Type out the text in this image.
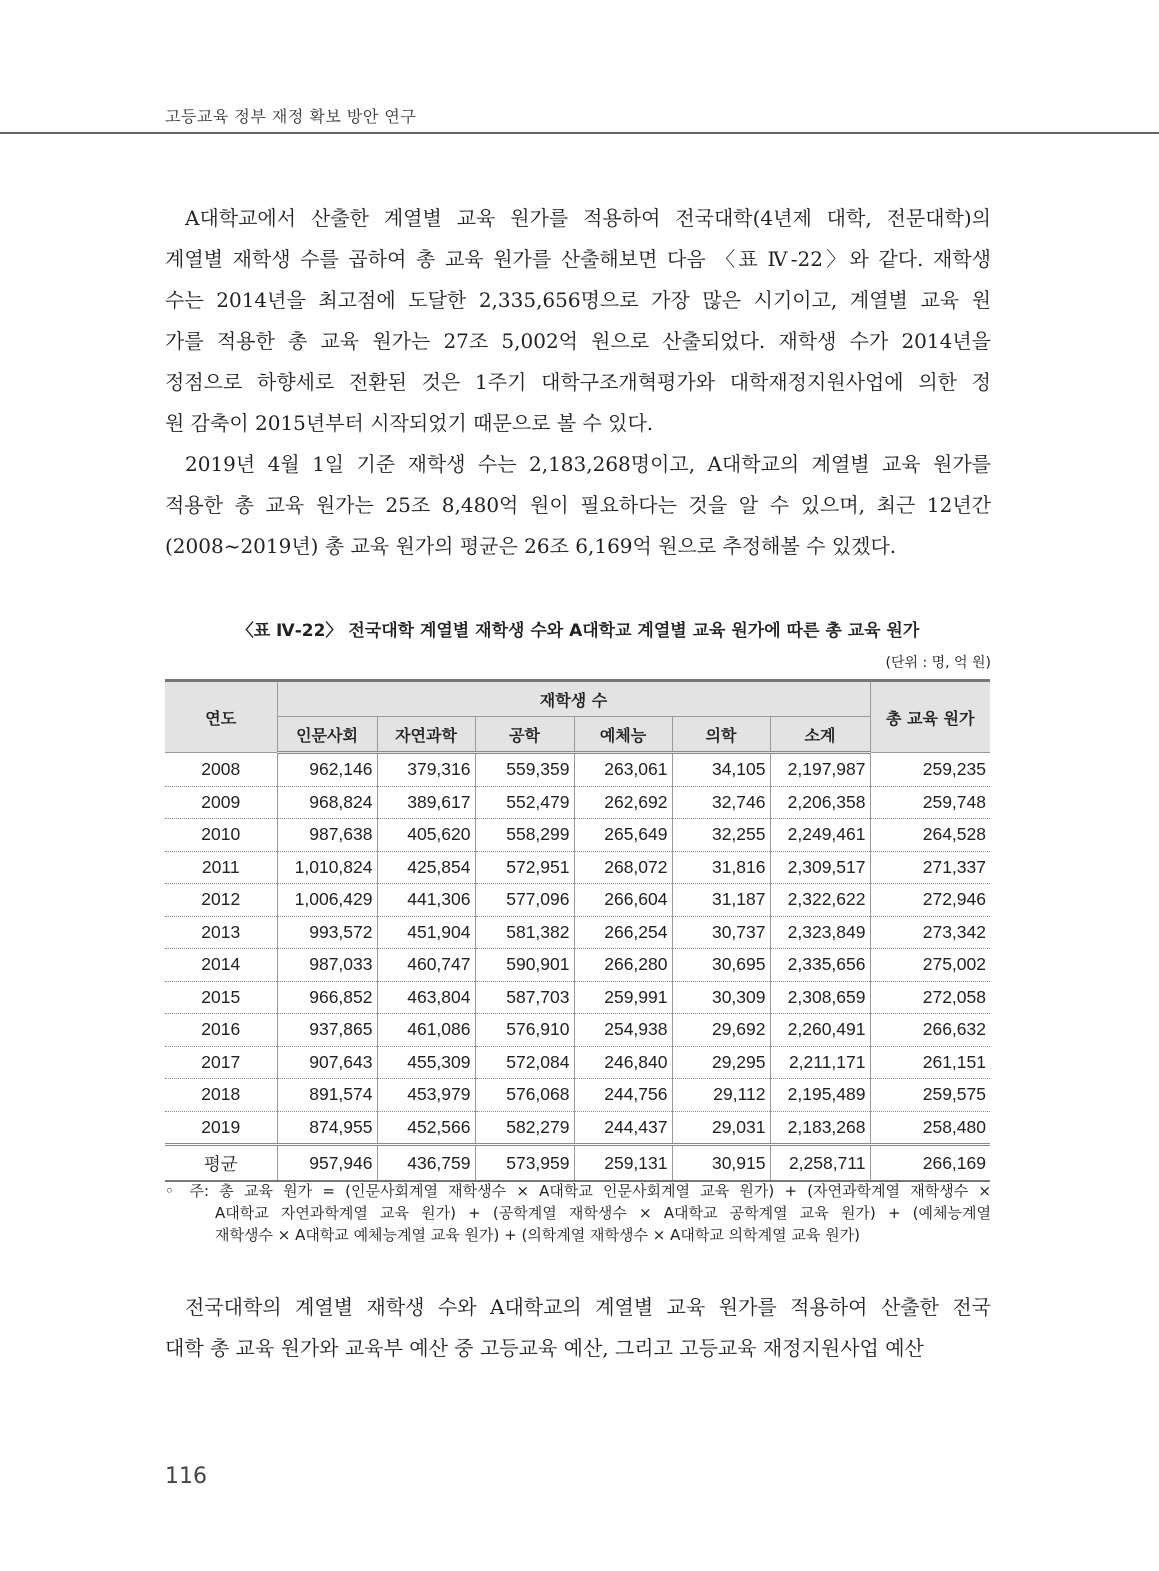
고등교육 정부 재정 확보 방안 연구
A대학교에서 산출한 계열별 교육 원가를 적용하여 전국대학(4년제 대학, 전문대학)의
계열별 재학생 수를 곱하여 총 교육 원가를 산출해보면 다음 〈표 Ⅳ-22〉와 같다. 재학생
수는 2014년을 최고점에 도달한 2,335,656명으로 가장 많은 시기이고, 계열별 교육 원
가를 적용한 총 교육 원가는 27조 5,002억 원으로 산출되었다. 재학생 수가 2014년을
정점으로 하향세로 전환된 것은 1주기 대학구조개혁평가와 대학재정지원사업에 의한 정
원 감축이 2015년부터 시작되었기 때문으로 볼 수 있다.
2019년 4월 1일 기준 재학생 수는 2,183,268명이고, A대학교의 계열별 교육 원가를
적용한 총 교육 원가는 25조 8,480억 원이 필요하다는 것을 알 수 있으며, 최근 12년간
(2008~2019년) 총 교육 원가의 평균은 26조 6,169억 원으로 추정해볼 수 있겠다.
〈표 Ⅳ-22〉 전국대학 계열별 재학생 수와 A대학교 계열별 교육 원가에 따른 총 교육 원가
(단위 : 명, 억 원)
연도	재학생 수						총 교육 원가
	인문사회	자연과학	공학	예체능	의학	소계	
2008	962,146	379,316	559,359	263,061	34,105	2,197,987	259,235
2009	968,824	389,617	552,479	262,692	32,746	2,206,358	259,748
2010	987,638	405,620	558,299	265,649	32,255	2,249,461	264,528
2011	1,010,824	425,854	572,951	268,072	31,816	2,309,517	271,337
2012	1,006,429	441,306	577,096	266,604	31,187	2,322,622	272,946
2013	993,572	451,904	581,382	266,254	30,737	2,323,849	273,342
2014	987,033	460,747	590,901	266,280	30,695	2,335,656	275,002
2015	966,852	463,804	587,703	259,991	30,309	2,308,659	272,058
2016	937,865	461,086	576,910	254,938	29,692	2,260,491	266,632
2017	907,643	455,309	572,084	246,840	29,295	2,211,171	261,151
2018	891,574	453,979	576,068	244,756	29,112	2,195,489	259,575
2019	874,955	452,566	582,279	244,437	29,031	2,183,268	258,480
평균	957,946	436,759	573,959	259,131	30,915	2,258,711	266,169
◦ 주: 총 교육 원가 = (인문사회계열 재학생수 × A대학교 인문사회계열 교육 원가) + (자연과학계열 재학생수 ×
A대학교 자연과학계열 교육 원가) + (공학계열 재학생수 × A대학교 공학계열 교육 원가) + (예체능계열
재학생수 × A대학교 예체능계열 교육 원가) + (의학계열 재학생수 × A대학교 의학계열 교육 원가)
전국대학의 계열별 재학생 수와 A대학교의 계열별 교육 원가를 적용하여 산출한 전국
대학 총 교육 원가와 교육부 예산 중 고등교육 예산, 그리고 고등교육 재정지원사업 예산
116
